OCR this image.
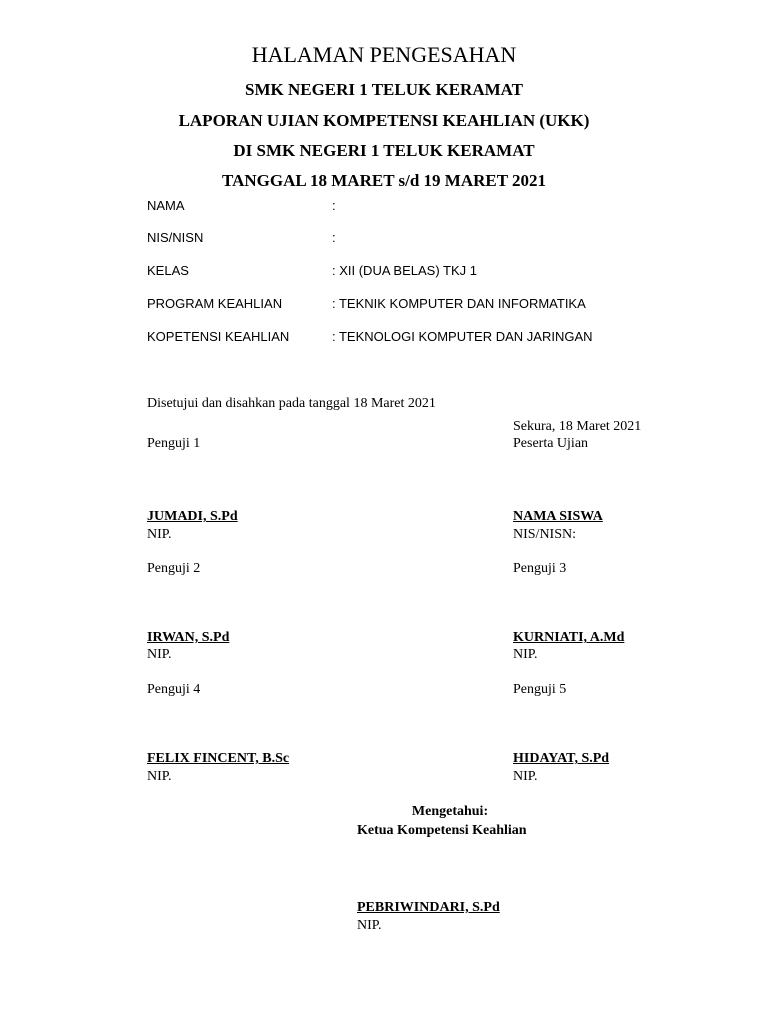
HALAMAN PENGESAHAN
SMK NEGERI 1 TELUK KERAMAT
LAPORAN UJIAN KOMPETENSI KEAHLIAN (UKK)
DI SMK NEGERI 1 TELUK KERAMAT
TANGGAL 18 MARET s/d 19 MARET 2021
NAMA	:
NIS/NISN	:
KELAS	: XII (DUA BELAS) TKJ 1
PROGRAM KEAHLIAN	: TEKNIK KOMPUTER DAN INFORMATIKA
KOPETENSI KEAHLIAN	: TEKNOLOGI KOMPUTER DAN JARINGAN
Disetujui dan disahkan pada tanggal 18 Maret 2021
Sekura, 18 Maret 2021
Penguji 1	Peserta Ujian
JUMADI, S.Pd	NAMA SISWA
NIP.	NIS/NISN:
Penguji 2	Penguji 3
IRWAN, S.Pd	KURNIATI, A.Md
NIP.	NIP.
Penguji 4	Penguji 5
FELIX FINCENT, B.Sc	HIDAYAT, S.Pd
NIP.	NIP.
Mengetahui:
Ketua Kompetensi Keahlian
PEBRIWINDARI, S.Pd
NIP.
